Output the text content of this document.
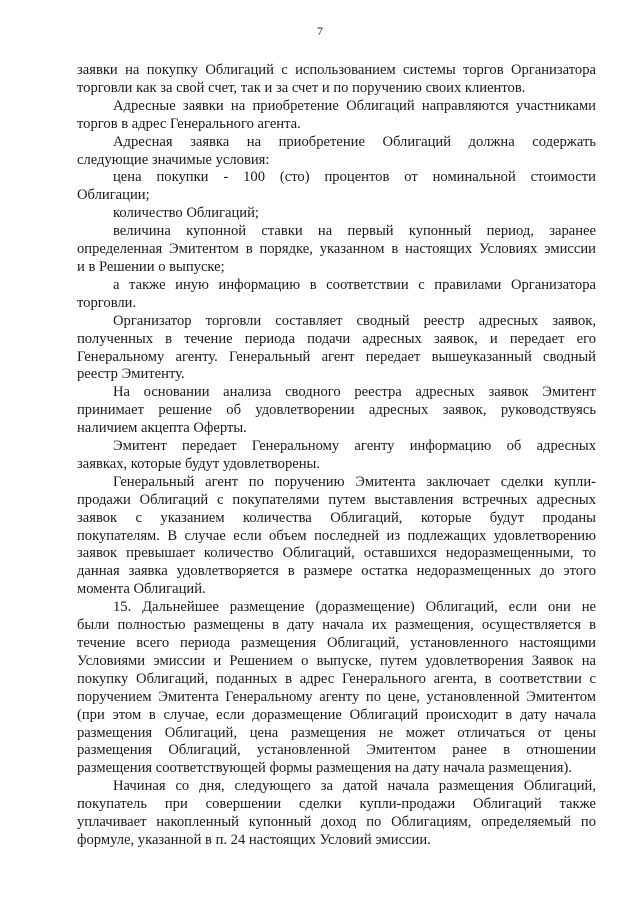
7
заявки на покупку Облигаций с использованием системы торгов Организатора
торговли как за свой счет, так и за счет и по поручению своих клиентов.
Адресные заявки на приобретение Облигаций направляются участниками
торгов в адрес Генерального агента.
Адресная заявка на приобретение Облигаций должна содержать
следующие значимые условия:
цена покупки - 100 (сто) процентов от номинальной стоимости
Облигации;
количество Облигаций;
величина купонной ставки на первый купонный период, заранее
определенная Эмитентом в порядке, указанном в настоящих Условиях эмиссии
и в Решении о выпуске;
а также иную информацию в соответствии с правилами Организатора
торговли.
Организатор торговли составляет сводный реестр адресных заявок,
полученных в течение периода подачи адресных заявок, и передает его
Генеральному агенту. Генеральный агент передает вышеуказанный сводный
реестр Эмитенту.
На основании анализа сводного реестра адресных заявок Эмитент
принимает решение об удовлетворении адресных заявок, руководствуясь
наличием акцепта Оферты.
Эмитент передает Генеральному агенту информацию об адресных
заявках, которые будут удовлетворены.
Генеральный агент по поручению Эмитента заключает сделки купли-
продажи Облигаций с покупателями путем выставления встречных адресных
заявок с указанием количества Облигаций, которые будут проданы
покупателям. В случае если объем последней из подлежащих удовлетворению
заявок превышает количество Облигаций, оставшихся недоразмещенными, то
данная заявка удовлетворяется в размере остатка недоразмещенных до этого
момента Облигаций.
15. Дальнейшее размещение (доразмещение) Облигаций, если они не
были полностью размещены в дату начала их размещения, осуществляется в
течение всего периода размещения Облигаций, установленного настоящими
Условиями эмиссии и Решением о выпуске, путем удовлетворения Заявок на
покупку Облигаций, поданных в адрес Генерального агента, в соответствии с
поручением Эмитента Генеральному агенту по цене, установленной Эмитентом
(при этом в случае, если доразмещение Облигаций происходит в дату начала
размещения Облигаций, цена размещения не может отличаться от цены
размещения Облигаций, установленной Эмитентом ранее в отношении
размещения соответствующей формы размещения на дату начала размещения).
Начиная со дня, следующего за датой начала размещения Облигаций,
покупатель при совершении сделки купли-продажи Облигаций также
уплачивает накопленный купонный доход по Облигациям, определяемый по
формуле, указанной в п. 24 настоящих Условий эмиссии.
